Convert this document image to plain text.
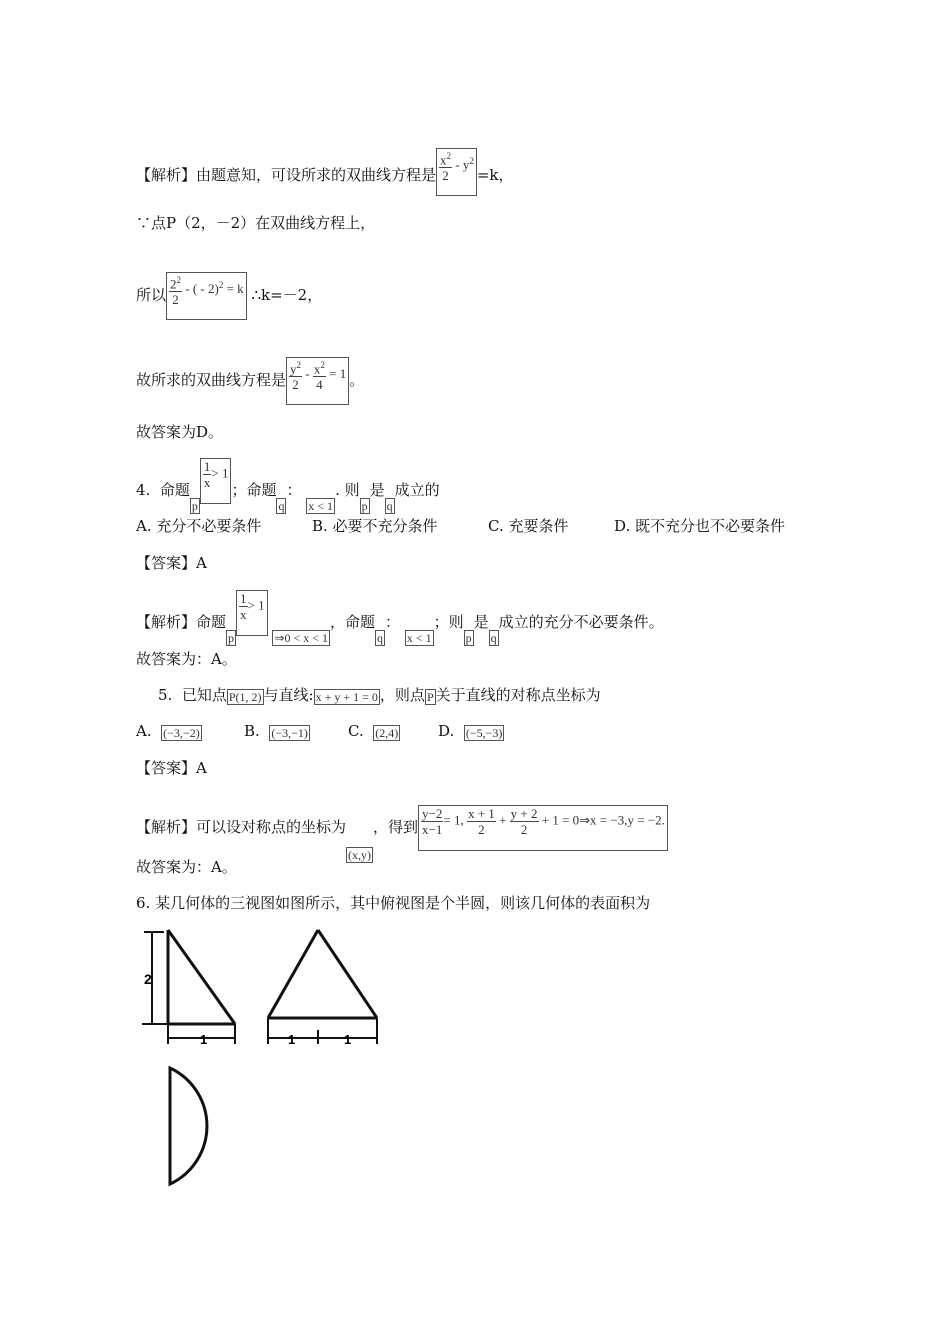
【解析】由题意知，可设所求的双曲线方程是 $\frac{x^2}{2} - y^2=k$，
∵点P（2，－2）在双曲线方程上，
所以 $\frac{2^2}{2}$ - ( - 2)$^2$ = k ∴k=－2，
故所求的双曲线方程是 $\frac{y^2}{2} - \frac{x^2}{4} = 1$ 。
故答案为D。
4. 命题p
$\frac{1}{x} > 1$；命题q： x < 1. 则p是q成立的
A. 充分不必要条件	B. 必要不充分条件	C. 充要条件	D. 既不充分也不必要条件
【答案】A
【解析】命题p
$\frac{1}{x} > 1$ ⇒0 < x < 1，命题q： x < 1；则p是q成立的充分不必要条件。
故答案为：A。
5. 已知点 P(1, 2) 与直线: x + y + 1 = 0 ，则点 P 关于直线的对称点坐标为
A. (−3,−2)	B. (−3,−1)	C. (2,4)	D. (−5,−3)
【答案】A
【解析】可以设对称点的坐标为(x,y)，得到 $\frac{y-2}{x-1} = 1$, $\frac{x + 1}{2} + \frac{y + 2}{2} + 1$ = 0⇒x = −3,y = −2.
故答案为：A。
6. 某几何体的三视图如图所示，其中俯视图是个半圆，则该几何体的表面积为
2
1	1	1
